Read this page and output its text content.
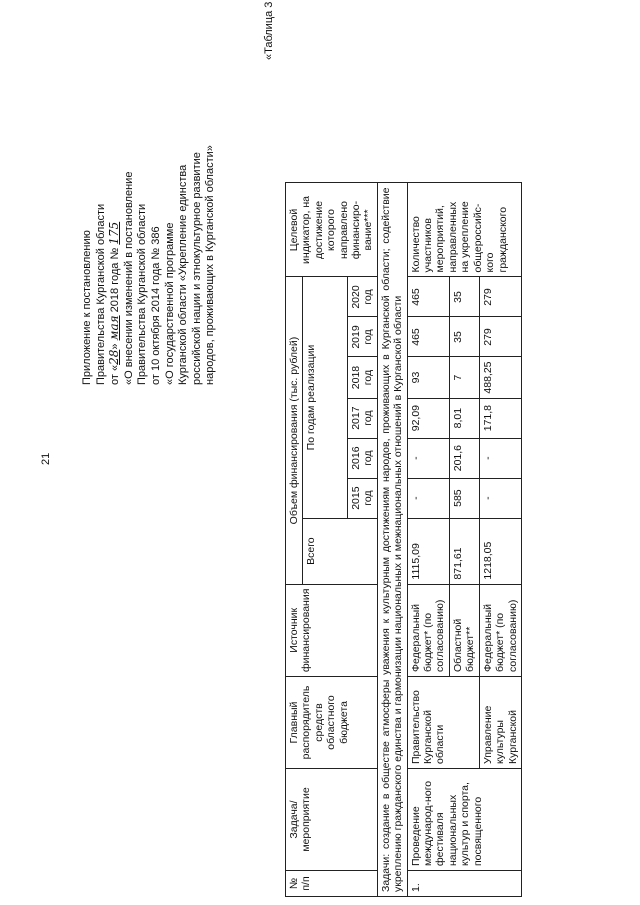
21
Приложение к постановлению Правительства Курганской области от «28» мая 2018 года № 175 «О внесении изменений в постановление Правительства Курганской области от 10 октября 2014 года № 386 «О государственной программе Курганской области «Укрепление единства российской нации и этнокультурное развитие народов, проживающих в Курганской области»
«Таблица 3
№ п/п	Задача/ мероприятие	Главный распорядитель средств областного бюджета	Источник финансирования	Объем финансирования (тыс. рублей)							Целевой индикатор, на достижение которого направлено финансиро-вание***
				Всего	По годам реализации						
					2015 год	2016 год	2017 год	2018 год	2019 год	2020 год	
Задачи: создание в обществе атмосферы уважения к культурным достижениям народов, проживающих в Курганской области; содействие укреплению гражданского единства и гармонизации национальных и межнациональных отношений в Курганской области											
1.	Проведение международ-ного фестиваля национальных культур и спорта, посвященного	Правительство Курганской области	Федеральный бюджет* (по согласованию)	1115,09	-	-	92,09	93	465	465	Количество участников мероприятий, направленных на укрепление общероссийс-кого гражданского
			Областной бюджет**	871,61	585	201,6	8,01	7	35	35	
		Управление культуры Курганской	Федеральный бюджет* (по согласованию)	1218,05	-	-	171,8	488,25	279	279	
